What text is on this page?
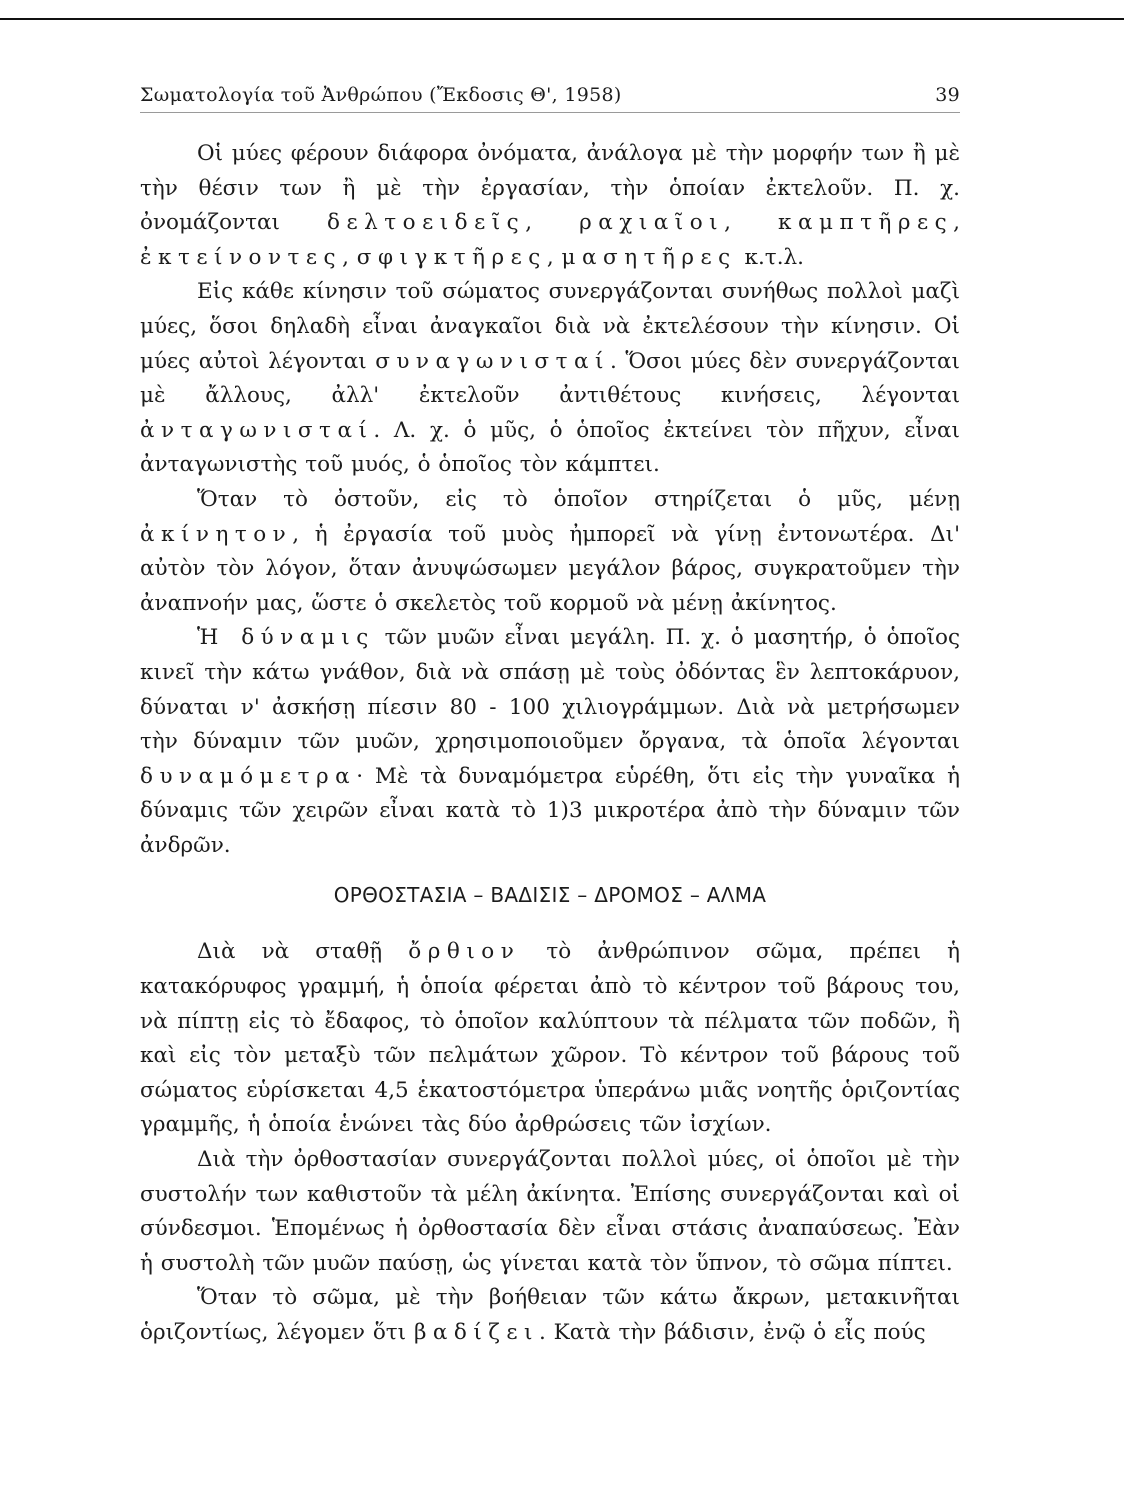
Σωματολογία τοῦ Ἀνθρώπου (Ἔκδοσις Θ', 1958)	39

Οἱ μύες φέρουν διάφορα ὀνόματα, ἀνάλογα μὲ τὴν μορφήν των ἢ μὲ τὴν θέσιν των ἢ μὲ τὴν ἐργασίαν, τὴν ὁποίαν ἐκτελοῦν. Π. χ. ὀνομάζονται δελτοειδεῖς, ραχιαῖοι, καμπτῆρες, ἐκτείνοντες, σφιγκτῆρες, μασητῆρες κ.τ.λ.

Εἰς κάθε κίνησιν τοῦ σώματος συνεργάζονται συνήθως πολλοὶ μαζὶ μύες, ὅσοι δηλαδὴ εἶναι ἀναγκαῖοι διὰ νὰ ἐκτελέσουν τὴν κίνησιν. Οἱ μύες αὐτοὶ λέγονται συναγωνισταί. Ὅσοι μύες δὲν συνεργάζονται μὲ ἄλλους, ἀλλ' ἐκτελοῦν ἀντιθέτους κινήσεις, λέγονται ἀνταγωνισταί. Λ. χ. ὁ μῦς, ὁ ὁποῖος ἐκτείνει τὸν πῆχυν, εἶναι ἀνταγωνιστὴς τοῦ μυός, ὁ ὁποῖος τὸν κάμπτει.

Ὅταν τὸ ὀστοῦν, εἰς τὸ ὁποῖον στηρίζεται ὁ μῦς, μένῃ ἀκίνητον, ἡ ἐργασία τοῦ μυὸς ἠμπορεῖ νὰ γίνῃ ἐντονωτέρα. Δι' αὐτὸν τὸν λόγον, ὅταν ἀνυψώσωμεν μεγάλον βάρος, συγκρατοῦμεν τὴν ἀναπνοήν μας, ὥστε ὁ σκελετὸς τοῦ κορμοῦ νὰ μένῃ ἀκίνητος.

Ἡ δύναμις τῶν μυῶν εἶναι μεγάλη. Π. χ. ὁ μασητήρ, ὁ ὁποῖος κινεῖ τὴν κάτω γνάθον, διὰ νὰ σπάσῃ μὲ τοὺς ὀδόντας ἓν λεπτοκάρυον, δύναται ν' ἀσκήσῃ πίεσιν 80 - 100 χιλιογράμμων. Διὰ νὰ μετρήσωμεν τὴν δύναμιν τῶν μυῶν, χρησιμοποιοῦμεν ὄργανα, τὰ ὁποῖα λέγονται δυναμόμετρα· Μὲ τὰ δυναμόμετρα εὑρέθη, ὅτι εἰς τὴν γυναῖκα ἡ δύναμις τῶν χειρῶν εἶναι κατὰ τὸ 1)3 μικροτέρα ἀπὸ τὴν δύναμιν τῶν ἀνδρῶν.

ΟΡΘΟΣΤΑΣΙΑ – ΒΑΔΙΣΙΣ – ΔΡΟΜΟΣ – ΑΛΜΑ

Διὰ νὰ σταθῇ ὄρθιον τὸ ἀνθρώπινον σῶμα, πρέπει ἡ κατακόρυφος γραμμή, ἡ ὁποία φέρεται ἀπὸ τὸ κέντρον τοῦ βάρους του, νὰ πίπτῃ εἰς τὸ ἔδαφος, τὸ ὁποῖον καλύπτουν τὰ πέλματα τῶν ποδῶν, ἢ καὶ εἰς τὸν μεταξὺ τῶν πελμάτων χῶρον. Τὸ κέντρον τοῦ βάρους τοῦ σώματος εὑρίσκεται 4,5 ἑκατοστόμετρα ὑπεράνω μιᾶς νοητῆς ὁριζοντίας γραμμῆς, ἡ ὁποία ἑνώνει τὰς δύο ἀρθρώσεις τῶν ἰσχίων.

Διὰ τὴν ὀρθοστασίαν συνεργάζονται πολλοὶ μύες, οἱ ὁποῖοι μὲ τὴν συστολήν των καθιστοῦν τὰ μέλη ἀκίνητα. Ἐπίσης συνεργάζονται καὶ οἱ σύνδεσμοι. Ἑπομένως ἡ ὀρθοστασία δὲν εἶναι στάσις ἀναπαύσεως. Ἐὰν ἡ συστολὴ τῶν μυῶν παύσῃ, ὡς γίνεται κατὰ τὸν ὕπνον, τὸ σῶμα πίπτει.

Ὅταν τὸ σῶμα, μὲ τὴν βοήθειαν τῶν κάτω ἄκρων, μετακινῆται ὁριζοντίως, λέγομεν ὅτι βαδίζει. Κατὰ τὴν βάδισιν, ἐνῷ ὁ εἷς πούς
